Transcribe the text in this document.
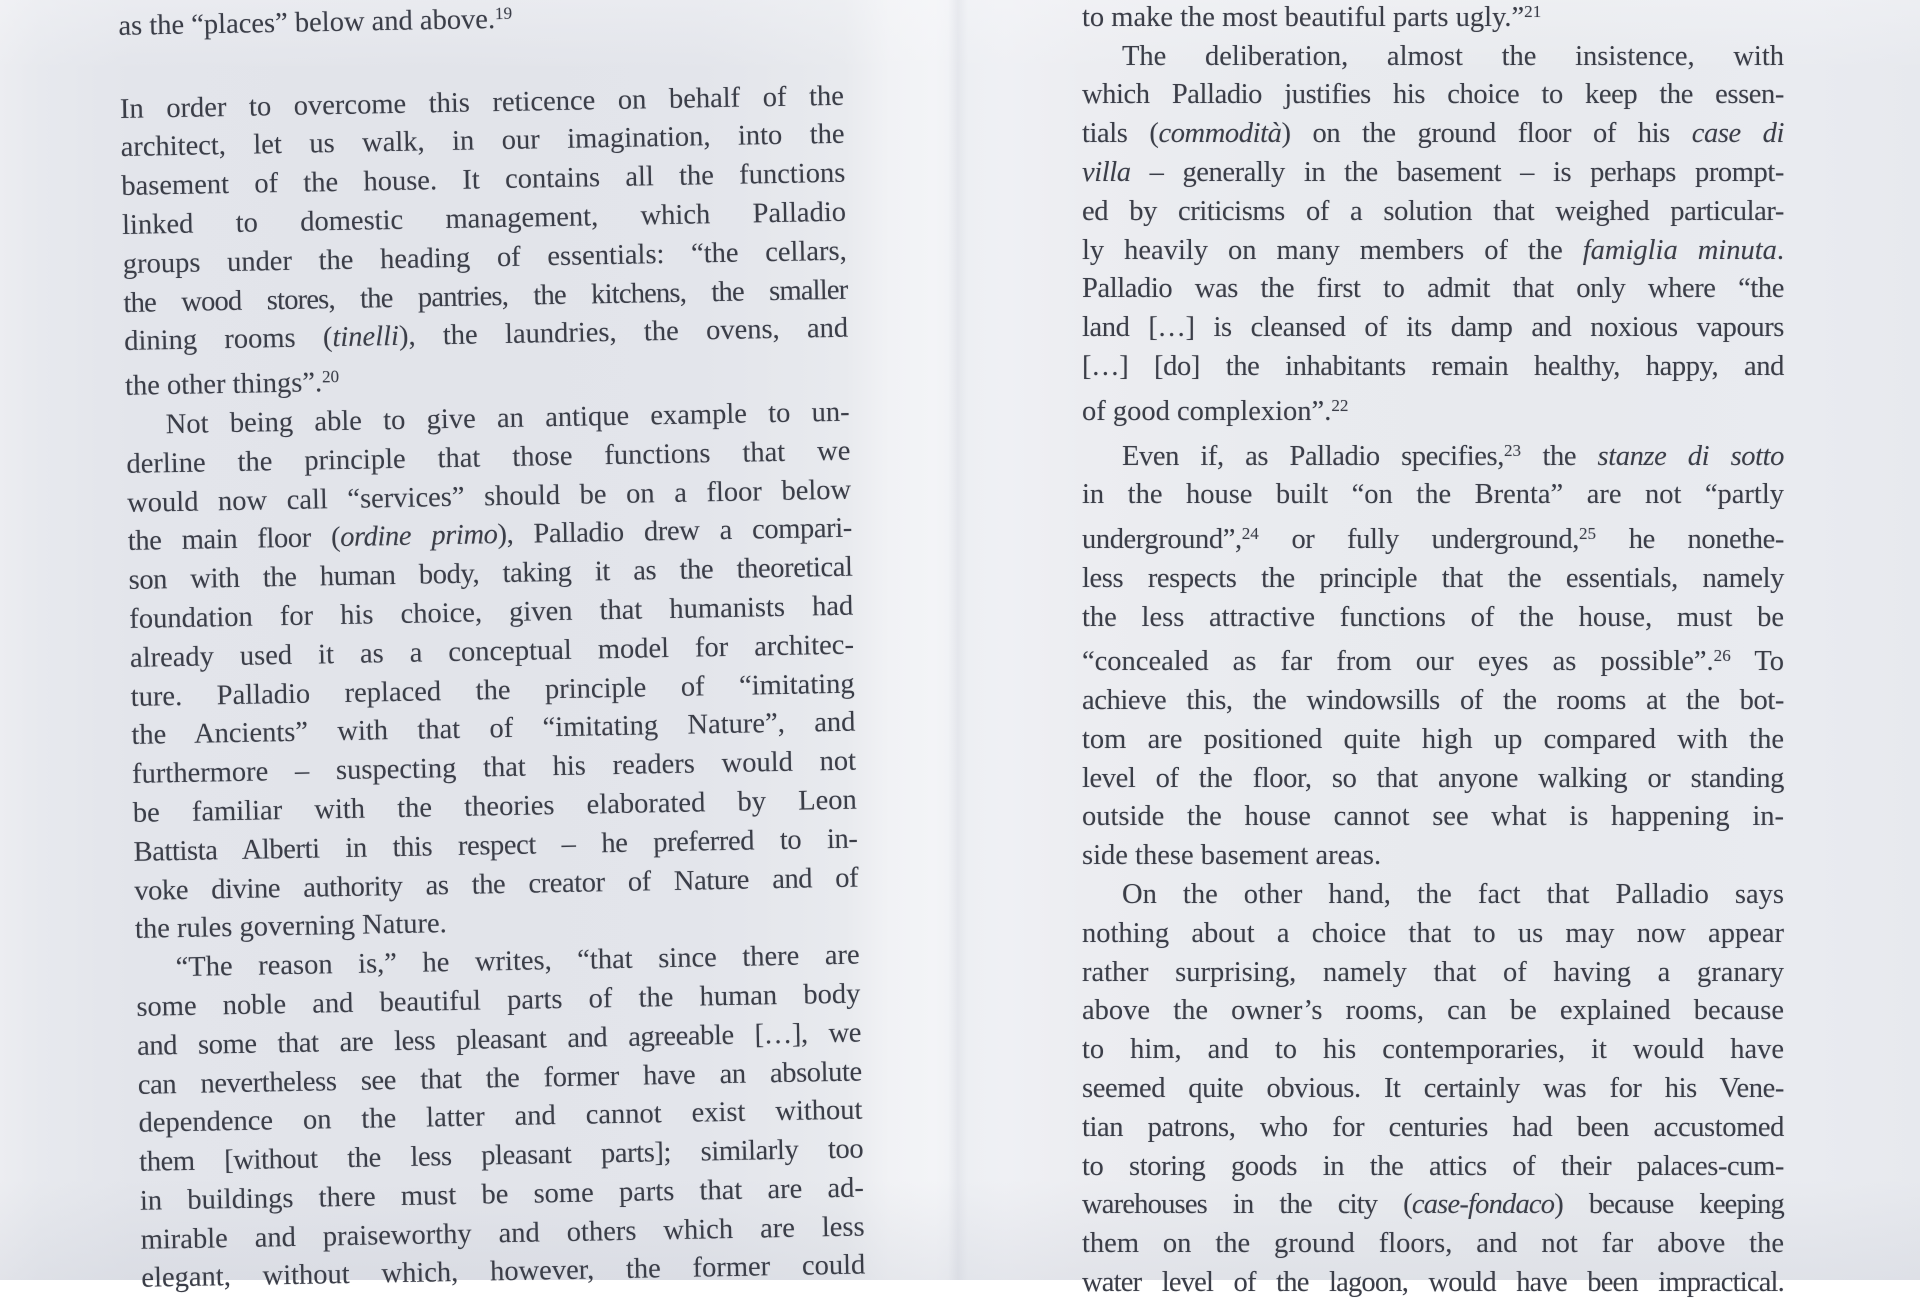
as the “places” below and above.$^{19}$
In order to overcome this reticence on behalf of the
architect, let us walk, in our imagination, into the
basement of the house. It contains all the functions
linked to domestic management, which Palladio
groups under the heading of essentials: “the cellars,
the wood stores, the pantries, the kitchens, the smaller
dining rooms (tinelli), the laundries, the ovens, and
the other things”.$^{20}$
Not being able to give an antique example to un-
derline the principle that those functions that we
would now call “services” should be on a floor below
the main floor (ordine primo), Palladio drew a compari-
son with the human body, taking it as the theoretical
foundation for his choice, given that humanists had
already used it as a conceptual model for architec-
ture. Palladio replaced the principle of “imitating
the Ancients” with that of “imitating Nature”, and
furthermore – suspecting that his readers would not
be familiar with the theories elaborated by Leon
Battista Alberti in this respect – he preferred to in-
voke divine authority as the creator of Nature and of
the rules governing Nature.
“The reason is,” he writes, “that since there are
some noble and beautiful parts of the human body
and some that are less pleasant and agreeable […], we
can nevertheless see that the former have an absolute
dependence on the latter and cannot exist without
them [without the less pleasant parts]; similarly too
in buildings there must be some parts that are ad-
mirable and praiseworthy and others which are less
elegant, without which, however, the former could
to make the most beautiful parts ugly.”$^{21}$
The deliberation, almost the insistence, with
which Palladio justifies his choice to keep the essen-
tials (commodità) on the ground floor of his case di
villa – generally in the basement – is perhaps prompt-
ed by criticisms of a solution that weighed particular-
ly heavily on many members of the famiglia minuta.
Palladio was the first to admit that only where “the
land […] is cleansed of its damp and noxious vapours
[…] [do] the inhabitants remain healthy, happy, and
of good complexion”.$^{22}$
Even if, as Palladio specifies,$^{23}$ the stanze di sotto
in the house built “on the Brenta” are not “partly
underground”,$^{24}$ or fully underground,$^{25}$ he nonethe-
less respects the principle that the essentials, namely
the less attractive functions of the house, must be
“concealed as far from our eyes as possible”.$^{26}$ To
achieve this, the windowsills of the rooms at the bot-
tom are positioned quite high up compared with the
level of the floor, so that anyone walking or standing
outside the house cannot see what is happening in-
side these basement areas.
On the other hand, the fact that Palladio says
nothing about a choice that to us may now appear
rather surprising, namely that of having a granary
above the owner’s rooms, can be explained because
to him, and to his contemporaries, it would have
seemed quite obvious. It certainly was for his Vene-
tian patrons, who for centuries had been accustomed
to storing goods in the attics of their palaces-cum-
warehouses in the city (case-fondaco) because keeping
them on the ground floors, and not far above the
water level of the lagoon, would have been impractical.
